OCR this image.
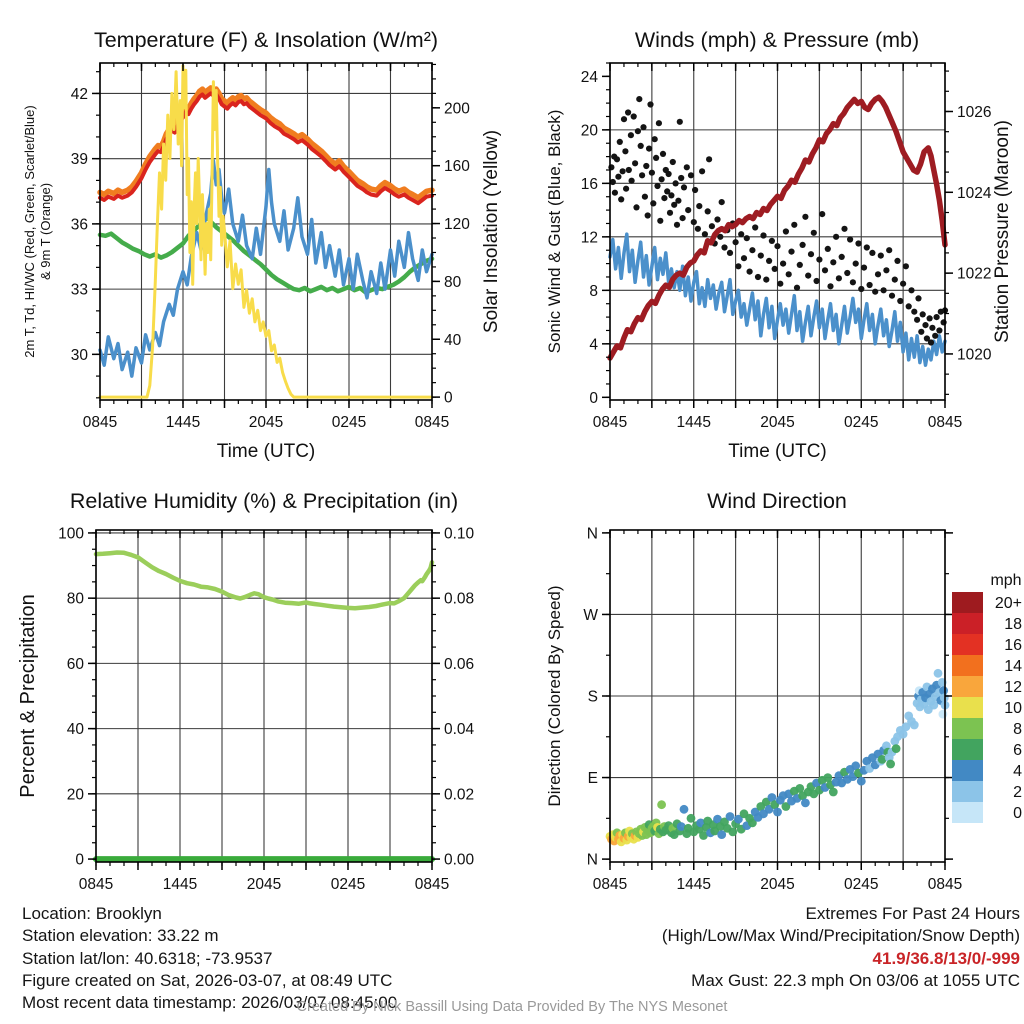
0845	1445	2045	0245	0845
Time (UTC)
30
33
36
39
42
2m T, Td, HI/WC (Red, Green, Scarlet/Blue) & 9m T (Orange)
0
40
80
120
160
200
Solar Insolation (Yellow)
Temperature (F) & Insolation (W/m²)
0845	1445	2045	0245	0845
Time (UTC)
0
4
8
12
16
20
24
Sonic Wind & Gust (Blue, Black)
1020
1022
1024
1026
Station Pressure (Maroon)
Winds (mph) & Pressure (mb)
0845	1445	2045	0245	0845
0
20
40
60
80
100
Percent & Precipitation
0.00
0.02
0.04
0.06
0.08
0.10
Relative Humidity (%) & Precipitation (in)
0845	1445	2045	0245	0845
N
E
S
W
N
Direction (Colored By Speed)
mph
20+
18
16
14
12
10
8
6
4
2
0
Wind Direction
Location: Brooklyn
Station elevation: 33.22 m
Station lat/lon: 40.6318; -73.9537
Figure created on Sat, 2026-03-07, at 08:49 UTC
Most recent data timestamp: 2026/03/07 08:45:00
Extremes For Past 24 Hours
(High/Low/Max Wind/Precipitation/Snow Depth)
41.9/36.8/13/0/-999
Max Gust: 22.3 mph On 03/06 at 1055 UTC
Created By Nick Bassill Using Data Provided By The NYS Mesonet
